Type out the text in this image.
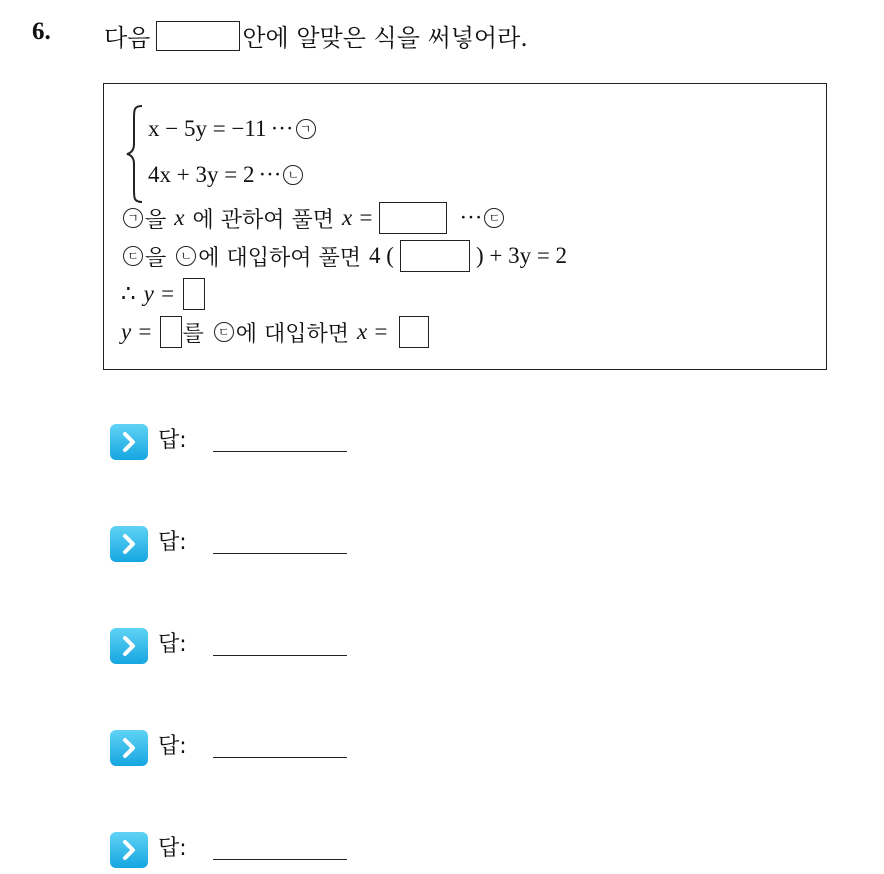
6. 다음	안에 알맞은 식을 써넣어라.
x − 5y = −11 ··· ㄱ
4x + 3y = 2 ··· ㄴ
ㄱ 을 x 에 관하여 풀면 x =	··· ㄷ
ㄷ 을	ㄴ 에 대입하여 풀면 4 (	) + 3y = 2
∴ y =
y = 를	ㄷ 에 대입하면 x =
답:
답:
답:
답:
답:
